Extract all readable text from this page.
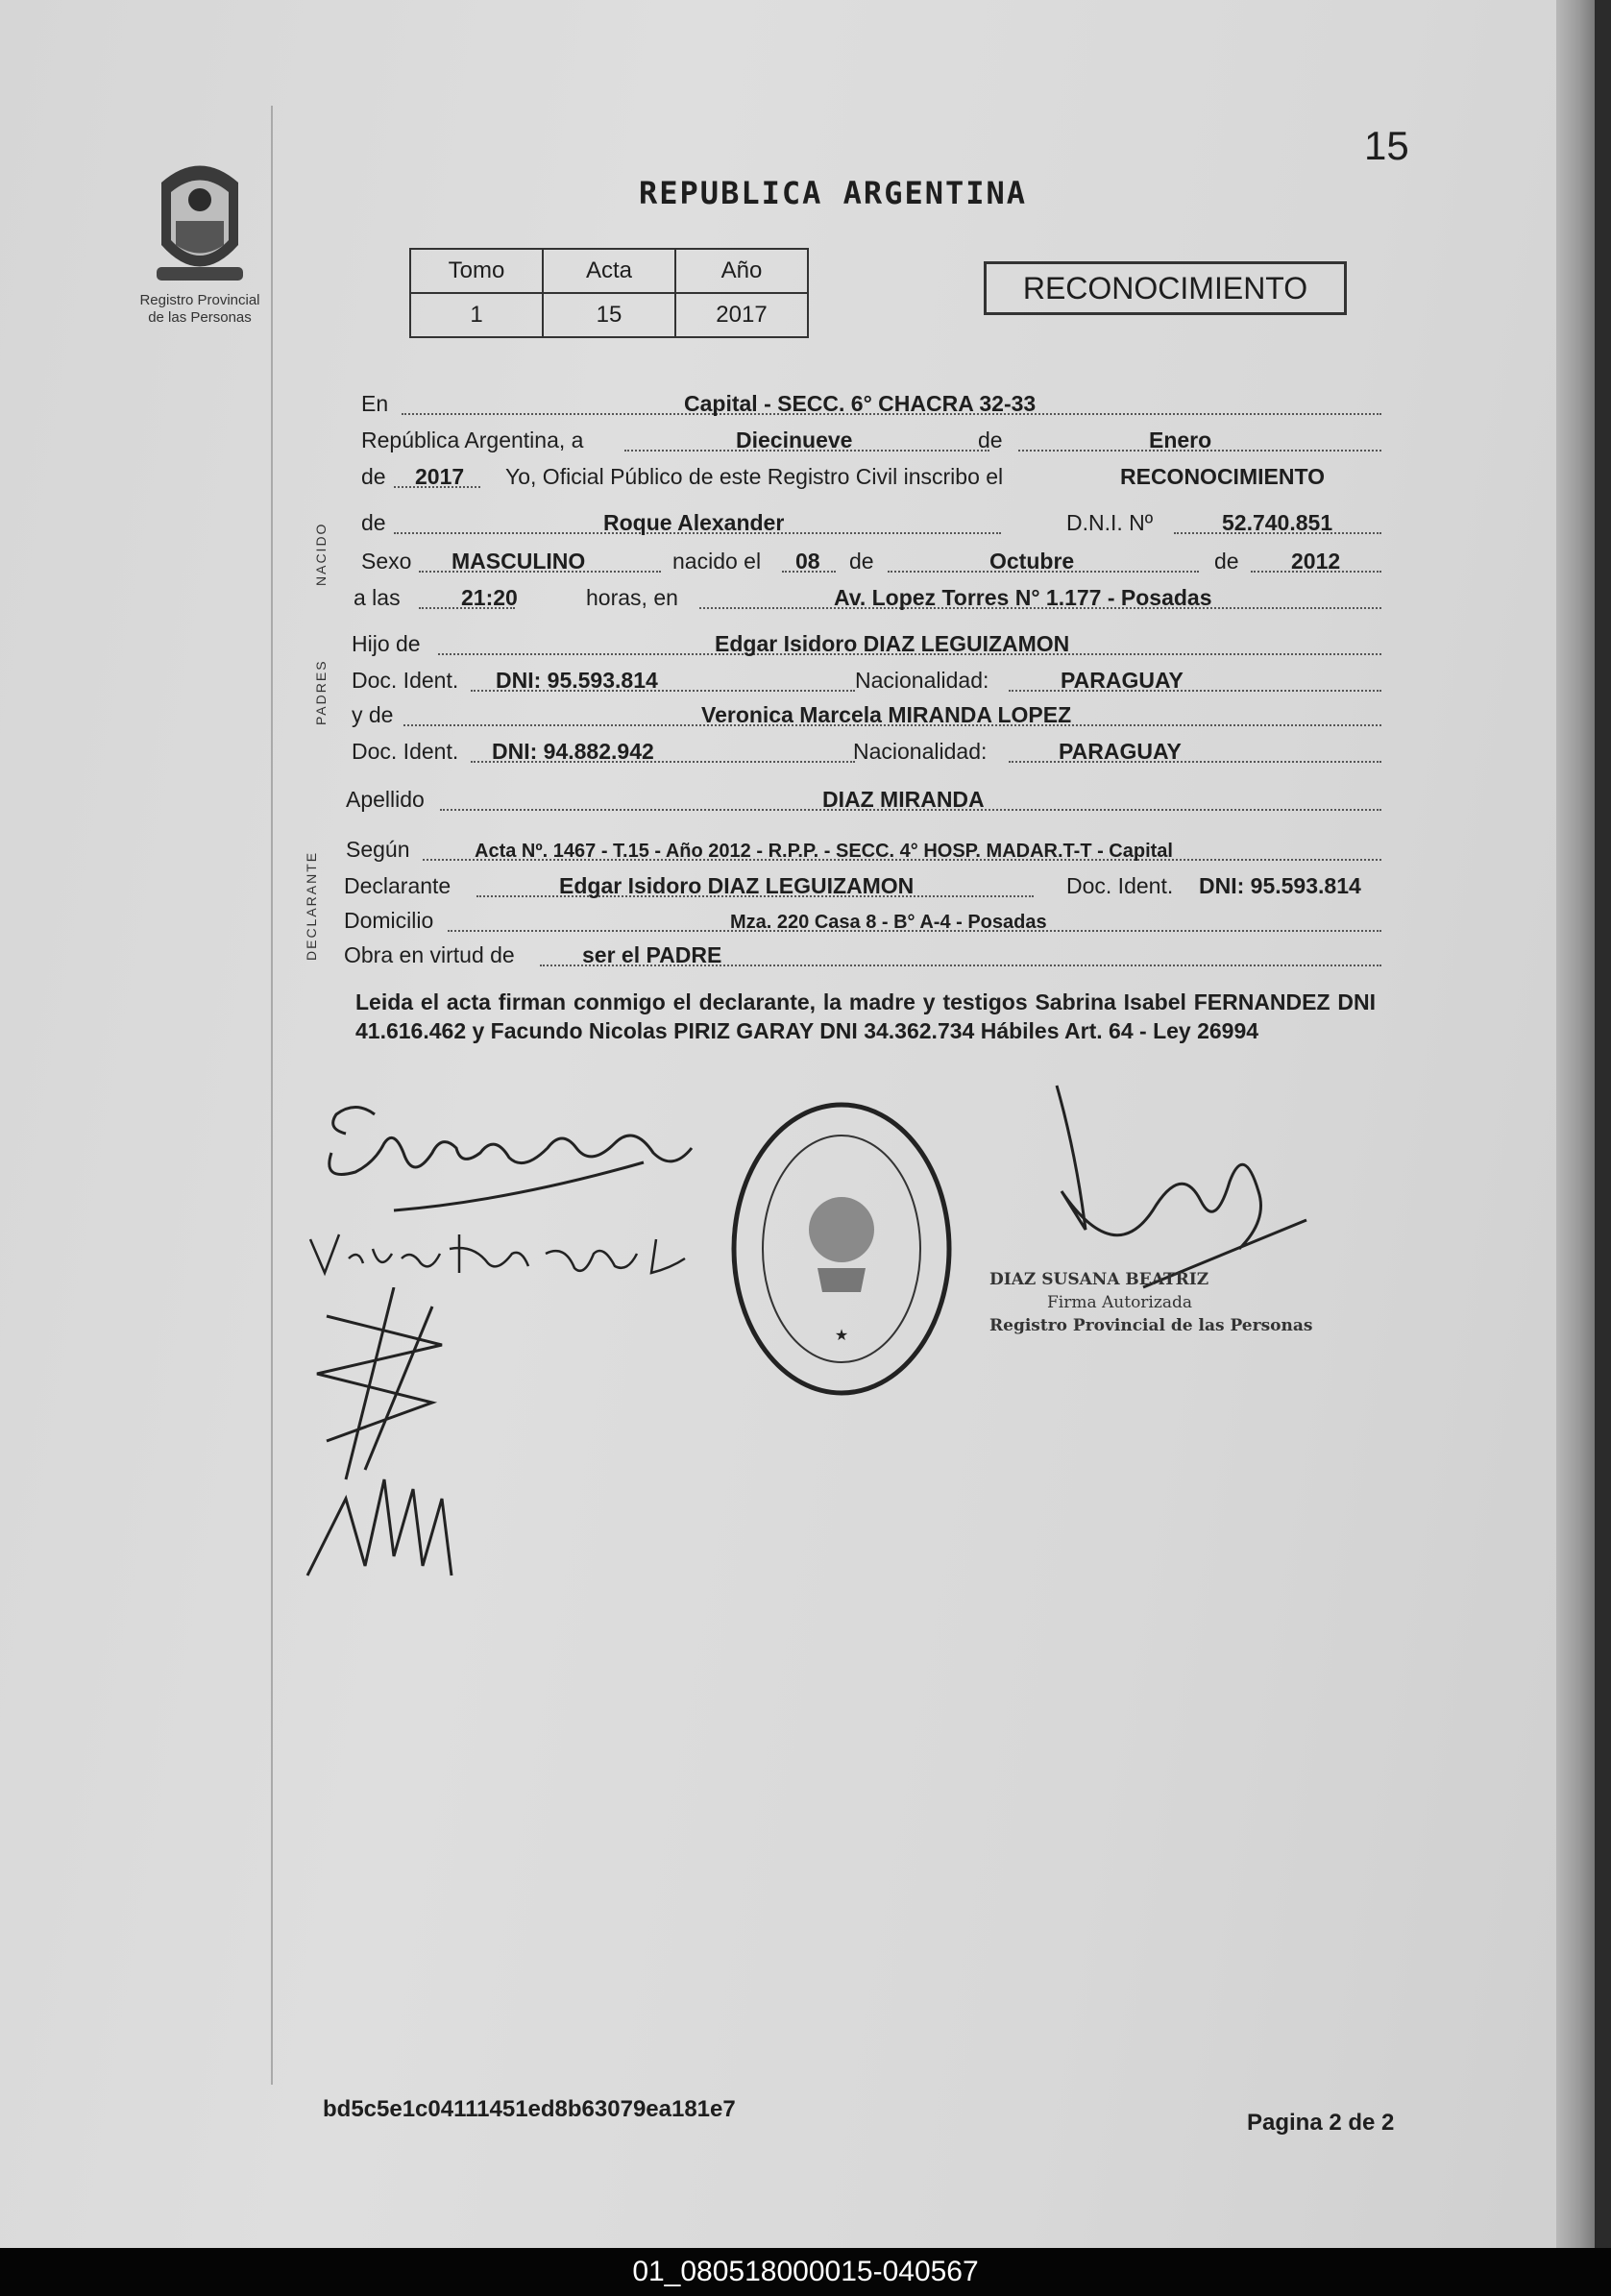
15
Registro Provincial
de las Personas
REPUBLICA ARGENTINA
Tomo	Acta	Año
1	15	2017
RECONOCIMIENTO
NACIDO
PADRES
DECLARANTE
En	Capital - SECC. 6° CHACRA 32-33
República Argentina, a	Diecinueve	de	Enero
de 2017 Yo, Oficial Público de este Registro Civil inscribo el	RECONOCIMIENTO
de	Roque Alexander	D.N.I. Nº	52.740.851
Sexo MASCULINO	nacido el 08 de	Octubre	de 2012
a las	21:20	horas, en	Av. Lopez Torres N° 1.177 - Posadas
Hijo de	Edgar Isidoro DIAZ LEGUIZAMON
Doc. Ident. DNI: 95.593.814	Nacionalidad:	PARAGUAY
y de	Veronica Marcela MIRANDA LOPEZ
Doc. Ident. DNI: 94.882.942	Nacionalidad:	PARAGUAY
Apellido	DIAZ MIRANDA
Según	Acta Nº. 1467 - T.15 - Año 2012 - R.P.P. - SECC. 4° HOSP. MADAR.T-T - Capital
Declarante	Edgar Isidoro DIAZ LEGUIZAMON	Doc. Ident. DNI: 95.593.814
Domicilio	Mza. 220 Casa 8 - B° A-4 - Posadas
Obra en virtud de	ser el PADRE
Leida el acta firman conmigo el declarante, la madre y testigos Sabrina Isabel FERNANDEZ DNI 41.616.462 y Facundo Nicolas PIRIZ GARAY DNI 34.362.734 Hábiles Art. 64 - Ley 26994
★
DIAZ SUSANA BEATRIZ
Firma Autorizada
Registro Provincial de las Personas
bd5c5e1c04111451ed8b63079ea181e7
Pagina 2 de 2
01_080518000015-040567
